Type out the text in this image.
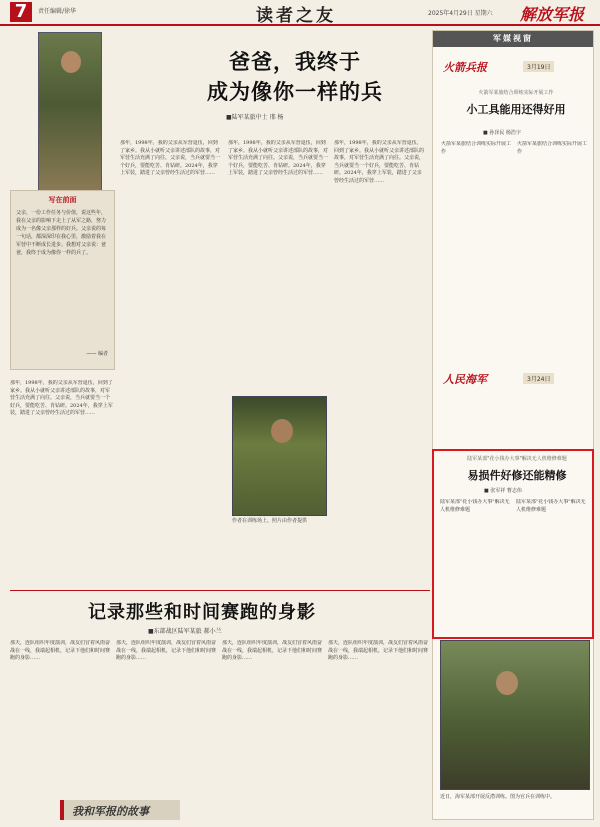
7	责任编辑/徐华	读者之友	2025年4月29日 星期六 解放军报
爸爸，我终于
成为像你一样的兵
■陆军某旅中士 邢 杨
写在前面
父亲，一份工作任务与价值，说这些年，我在父亲的影响下走上了从军之路，努力成为一名像父亲那样的好兵。父亲说的每一句话，都深深印在我心里，激励着我在军营中不断成长进步。我想对父亲说：爸爸，我终于成为像你一样的兵了。
—— 编者
那年，1998年，我的父亲从军营退伍，回到了家乡。我从小就听父亲讲述部队的故事，对军营生活充满了向往。父亲说，当兵就要当一个好兵，要能吃苦、肯钻研。2024年，我穿上军装，踏进了父亲曾经生活过的军营……
那年，1998年，我的父亲从军营退伍，回到了家乡。我从小就听父亲讲述部队的故事，对军营生活充满了向往。父亲说，当兵就要当一个好兵，要能吃苦、肯钻研。2024年，我穿上军装，踏进了父亲曾经生活过的军营……
那年，1998年，我的父亲从军营退伍，回到了家乡。我从小就听父亲讲述部队的故事，对军营生活充满了向往。父亲说，当兵就要当一个好兵，要能吃苦、肯钻研。2024年，我穿上军装，踏进了父亲曾经生活过的军营……
那年，1998年，我的父亲从军营退伍，回到了家乡。我从小就听父亲讲述部队的故事，对军营生活充满了向往。父亲说，当兵就要当一个好兵，要能吃苦、肯钻研。2024年，我穿上军装，踏进了父亲曾经生活过的军营……
作者在训练场上。照片由作者提供
记录那些和时间赛跑的身影
■东部战区陆军某旅 郝小兰
那天，连队组织年度演训，战友们冒着风雨奋战在一线，我端起相机，记录下他们和时间赛跑的身影……
那天，连队组织年度演训，战友们冒着风雨奋战在一线，我端起相机，记录下他们和时间赛跑的身影……
那天，连队组织年度演训，战友们冒着风雨奋战在一线，我端起相机，记录下他们和时间赛跑的身影……
那天，连队组织年度演训，战友们冒着风雨奋战在一线，我端起相机，记录下他们和时间赛跑的身影……
我和军报的故事
军媒视窗
火箭兵报	3月19日
火箭军某旅结合训练实际开展工作
小工具能用还得好用
■ 孙泽民 杨浩宇
火箭军某旅结合训练实际开展工作
火箭军某旅结合训练实际开展工作
人民海军	3月24日
陆军某部"花小钱办大事"解决无人机维修难题
易损件好修还能精修
■ 张军祥 曹志伟
陆军某部"花小钱办大事"解决无人机维修难题
陆军某部"花小钱办大事"解决无人机维修难题
近日，海军某部开展反潜训练。图为官兵在训练中。
